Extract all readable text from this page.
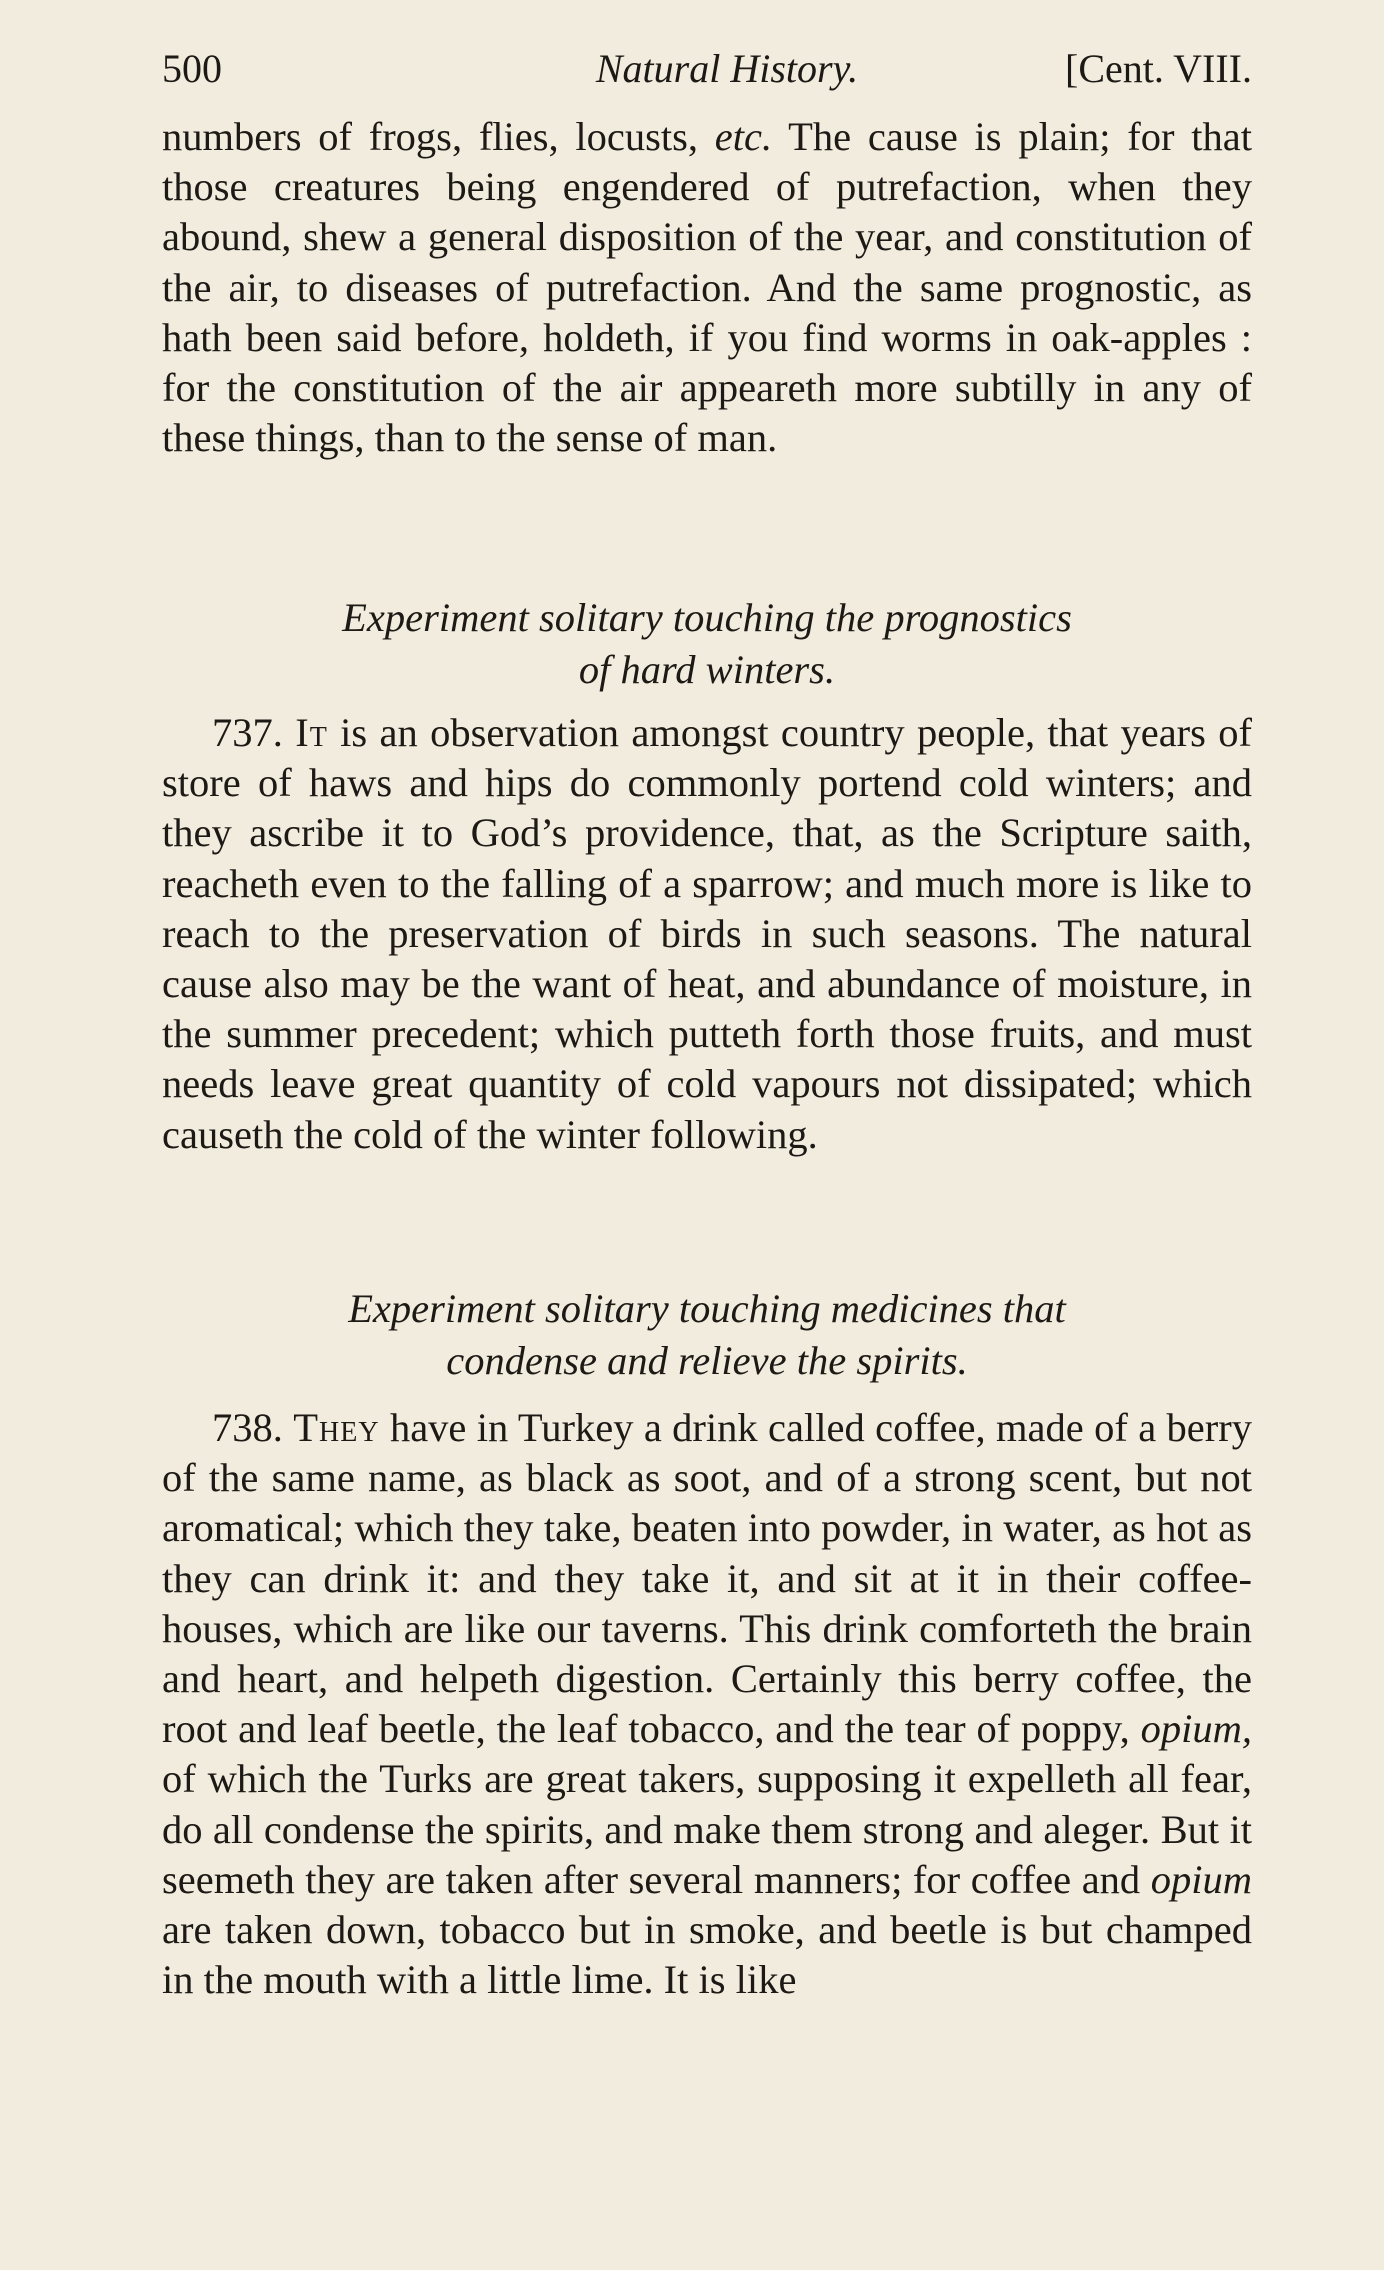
500	Natural History.	[Cent. VIII.

numbers of frogs, flies, locusts, etc. The cause is plain; for that those creatures being engendered of putrefaction, when they abound, shew a general disposition of the year, and constitution of the air, to diseases of putrefaction. And the same prognostic, as hath been said before, holdeth, if you find worms in oak-apples : for the constitution of the air appeareth more subtilly in any of these things, than to the sense of man.

Experiment solitary touching the prognostics

of hard winters.

737. It is an observation amongst country people, that years of store of haws and hips do commonly portend cold winters; and they ascribe it to God’s providence, that, as the Scripture saith, reacheth even to the falling of a sparrow; and much more is like to reach to the preservation of birds in such seasons. The natural cause also may be the want of heat, and abundance of moisture, in the summer precedent; which putteth forth those fruits, and must needs leave great quantity of cold vapours not dissipated; which causeth the cold of the winter following.

Experiment solitary touching medicines that

condense and relieve the spirits.

738. They have in Turkey a drink called coffee, made of a berry of the same name, as black as soot, and of a strong scent, but not aromatical; which they take, beaten into powder, in water, as hot as they can drink it: and they take it, and sit at it in their coffee-houses, which are like our taverns. This drink comforteth the brain and heart, and helpeth digestion. Certainly this berry coffee, the root and leaf beetle, the leaf tobacco, and the tear of poppy, opium, of which the Turks are great takers, supposing it expelleth all fear, do all condense the spirits, and make them strong and aleger. But it seemeth they are taken after several manners; for coffee and opium are taken down, tobacco but in smoke, and beetle is but champed in the mouth with a little lime. It is like
